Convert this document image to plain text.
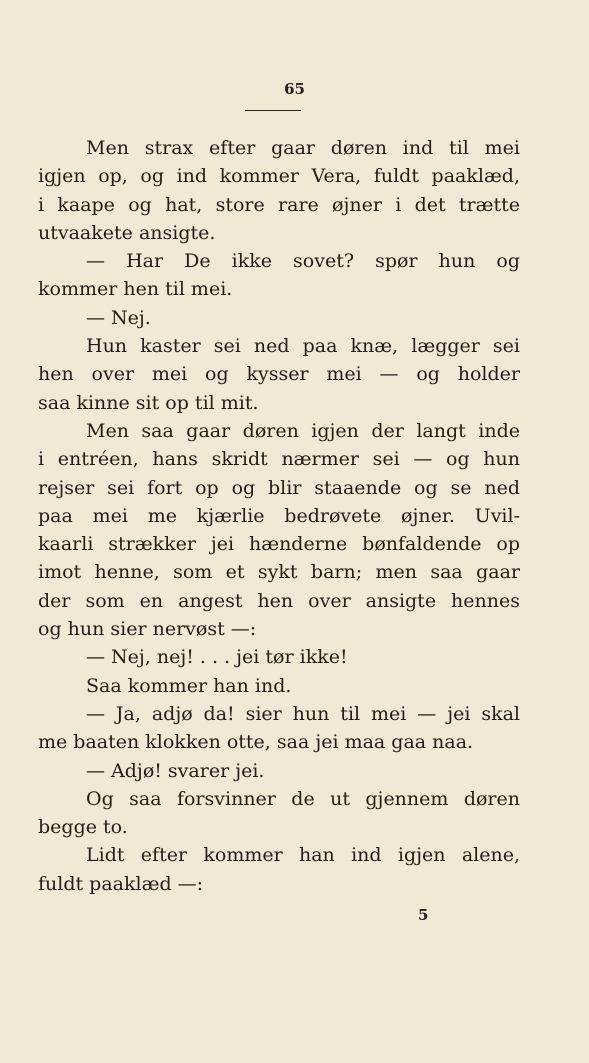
65
Men strax efter gaar døren ind til mei
igjen op, og ind kommer Vera, fuldt paaklæd,
i kaape og hat, store rare øjner i det trætte
utvaakete ansigte.
— Har De ikke sovet? spør hun og
kommer hen til mei.
— Nej.
Hun kaster sei ned paa knæ, lægger sei
hen over mei og kysser mei — og holder
saa kinne sit op til mit.
Men saa gaar døren igjen der langt inde
i entréen, hans skridt nærmer sei — og hun
rejser sei fort op og blir staaende og se ned
paa mei me kjærlie bedrøvete øjner. Uvil-
kaarli strækker jei hænderne bønfaldende op
imot henne, som et sykt barn; men saa gaar
der som en angest hen over ansigte hennes
og hun sier nervøst —:
— Nej, nej! . . . jei tør ikke!
Saa kommer han ind.
— Ja, adjø da! sier hun til mei — jei skal
me baaten klokken otte, saa jei maa gaa naa.
— Adjø! svarer jei.
Og saa forsvinner de ut gjennem døren
begge to.
Lidt efter kommer han ind igjen alene,
fuldt paaklæd —:
5
